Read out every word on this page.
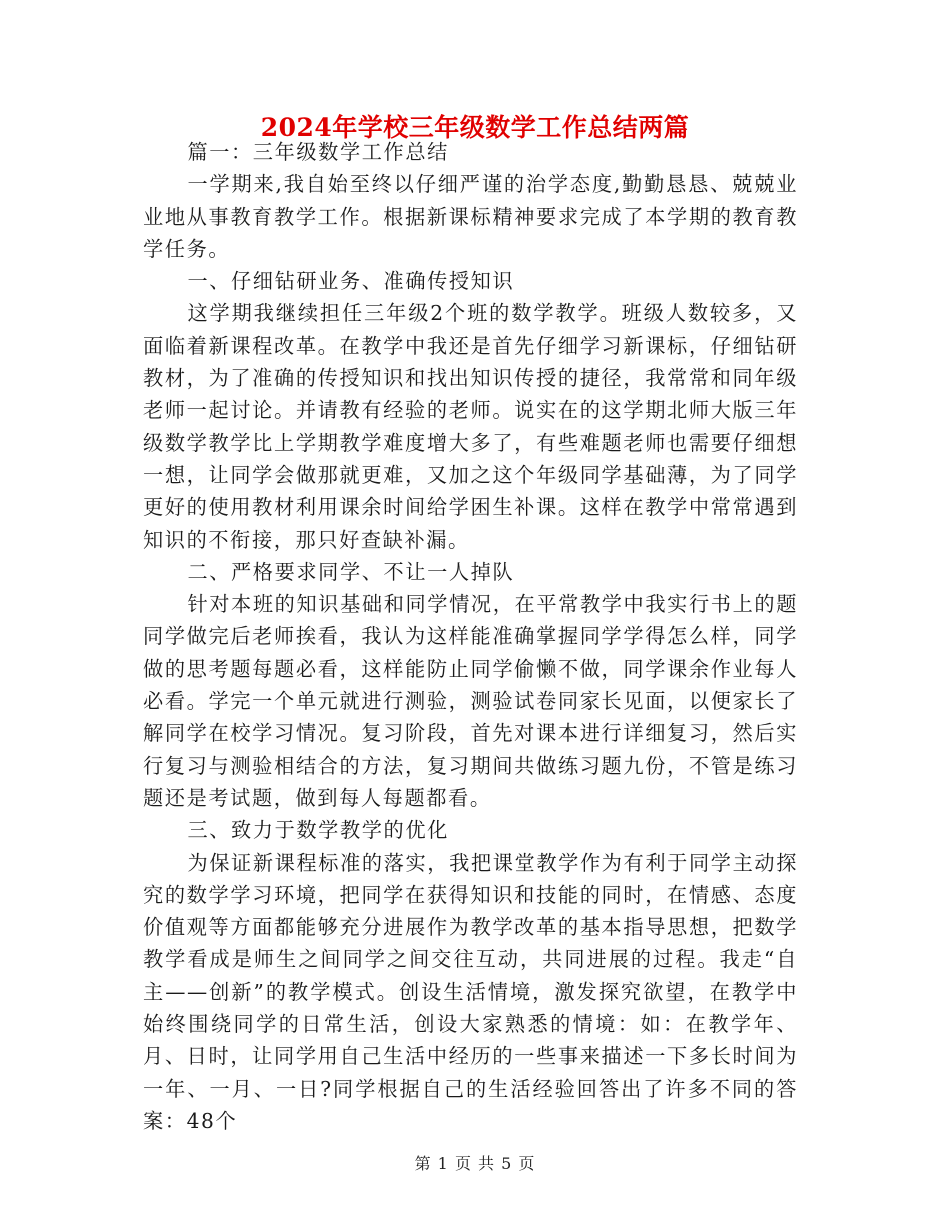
2024年学校三年级数学工作总结两篇

篇一：三年级数学工作总结

一学期来,我自始至终以仔细严谨的治学态度,勤勤恳恳、兢兢业业地从事教育教学工作。根据新课标精神要求完成了本学期的教育教学任务。

一、仔细钻研业务、准确传授知识

这学期我继续担任三年级2个班的数学教学。班级人数较多，又面临着新课程改革。在教学中我还是首先仔细学习新课标，仔细钻研教材，为了准确的传授知识和找出知识传授的捷径，我常常和同年级老师一起讨论。并请教有经验的老师。说实在的这学期北师大版三年级数学教学比上学期教学难度增大多了，有些难题老师也需要仔细想一想，让同学会做那就更难，又加之这个年级同学基础薄，为了同学更好的使用教材利用课余时间给学困生补课。这样在教学中常常遇到知识的不衔接，那只好查缺补漏。

二、严格要求同学、不让一人掉队

针对本班的知识基础和同学情况，在平常教学中我实行书上的题同学做完后老师挨看，我认为这样能准确掌握同学学得怎么样，同学做的思考题每题必看，这样能防止同学偷懒不做，同学课余作业每人必看。学完一个单元就进行测验，测验试卷同家长见面，以便家长了解同学在校学习情况。复习阶段，首先对课本进行详细复习，然后实行复习与测验相结合的方法，复习期间共做练习题九份，不管是练习题还是考试题，做到每人每题都看。

三、致力于数学教学的优化

为保证新课程标准的落实，我把课堂教学作为有利于同学主动探究的数学学习环境，把同学在获得知识和技能的同时，在情感、态度价值观等方面都能够充分进展作为教学改革的基本指导思想，把数学教学看成是师生之间同学之间交往互动，共同进展的过程。我走“自主——创新”的教学模式。创设生活情境，激发探究欲望，在教学中始终围绕同学的日常生活，创设大家熟悉的情境：如：在教学年、月、日时，让同学用自己生活中经历的一些事来描述一下多长时间为一年、一月、一日?同学根据自己的生活经验回答出了许多不同的答案：48个

第 1 页 共 5 页
